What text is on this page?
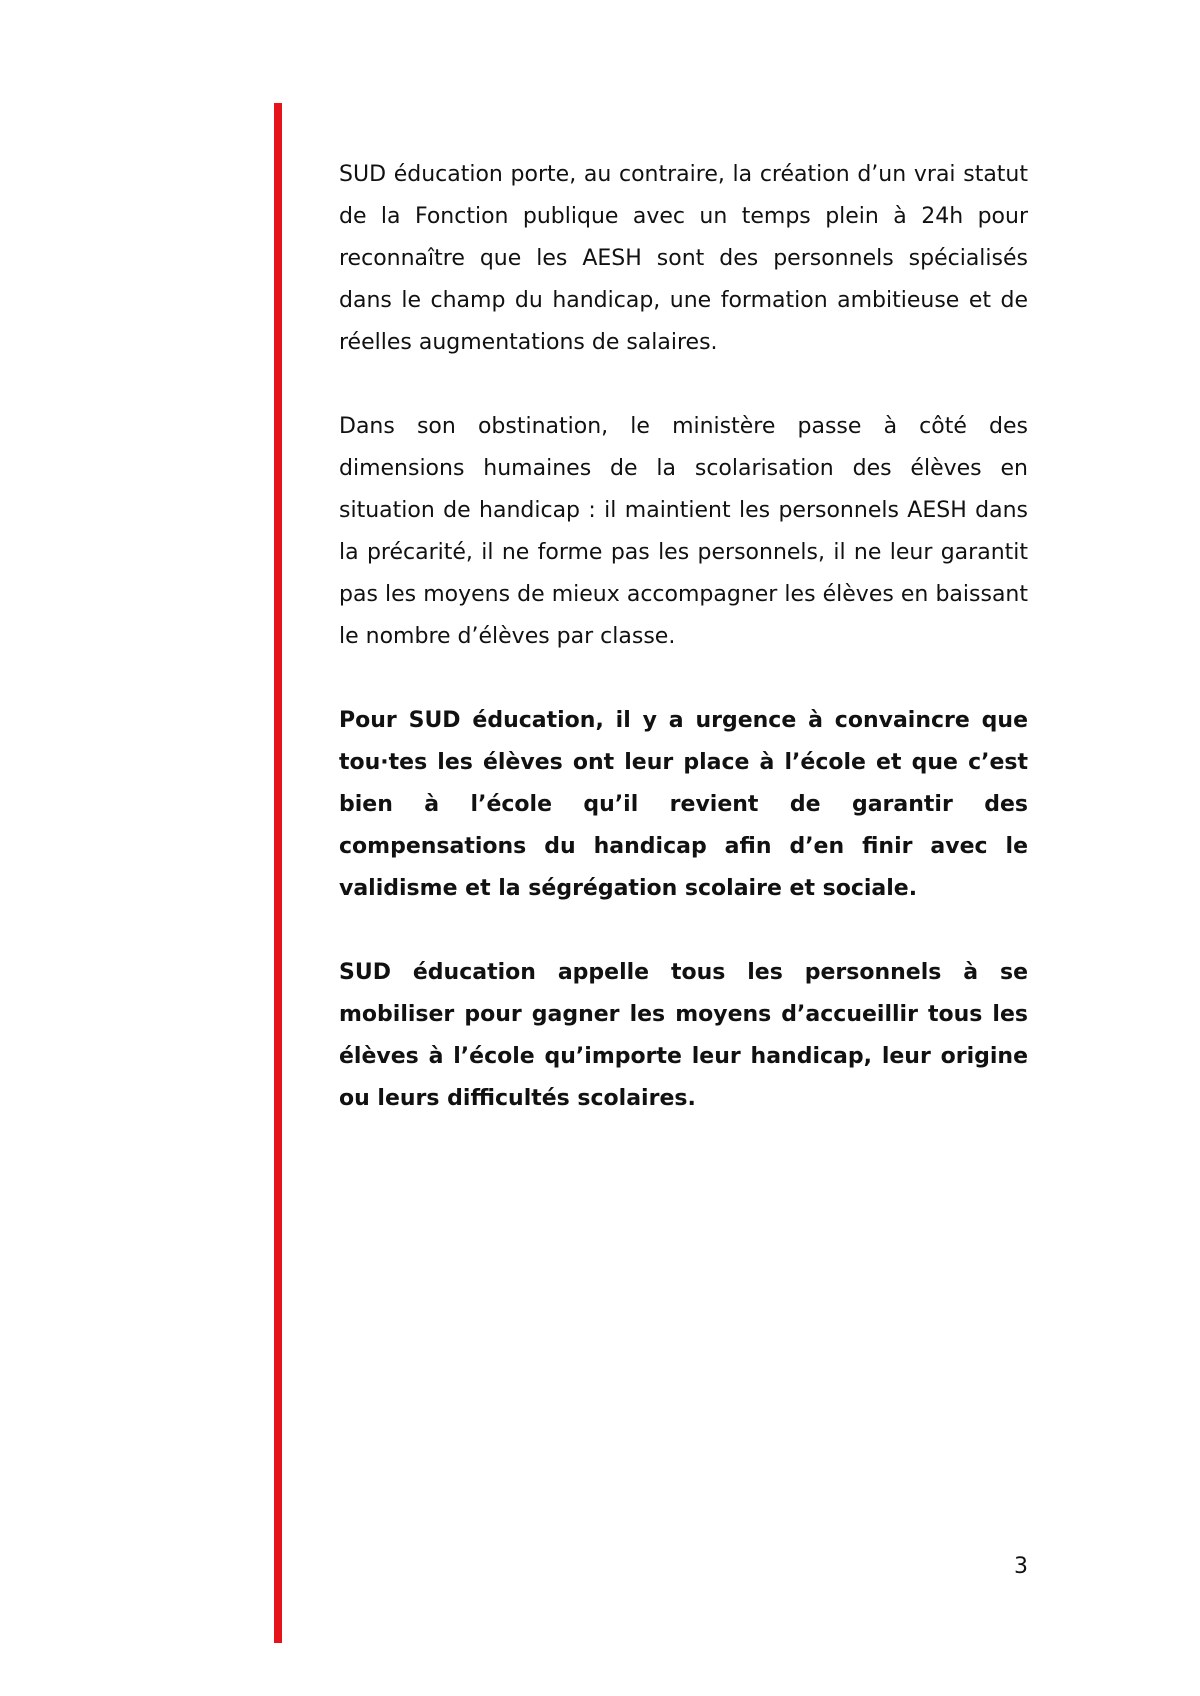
SUD éducation porte, au contraire, la création d’un vrai statut de la Fonction publique avec un temps plein à 24h pour reconnaître que les AESH sont des personnels spécialisés dans le champ du handicap, une formation ambitieuse et de réelles augmentations de salaires.

Dans son obstination, le ministère passe à côté des dimensions humaines de la scolarisation des élèves en situation de handicap : il maintient les personnels AESH dans la précarité, il ne forme pas les personnels, il ne leur garantit pas les moyens de mieux accompagner les élèves en baissant le nombre d’élèves par classe.

Pour SUD éducation, il y a urgence à convaincre que tou·tes les élèves ont leur place à l’école et que c’est bien à l’école qu’il revient de garantir des compensations du handicap afin d’en finir avec le validisme et la ségrégation scolaire et sociale.

SUD éducation appelle tous les personnels à se mobiliser pour gagner les moyens d’accueillir tous les élèves à l’école qu’importe leur handicap, leur origine ou leurs difficultés scolaires.

3
